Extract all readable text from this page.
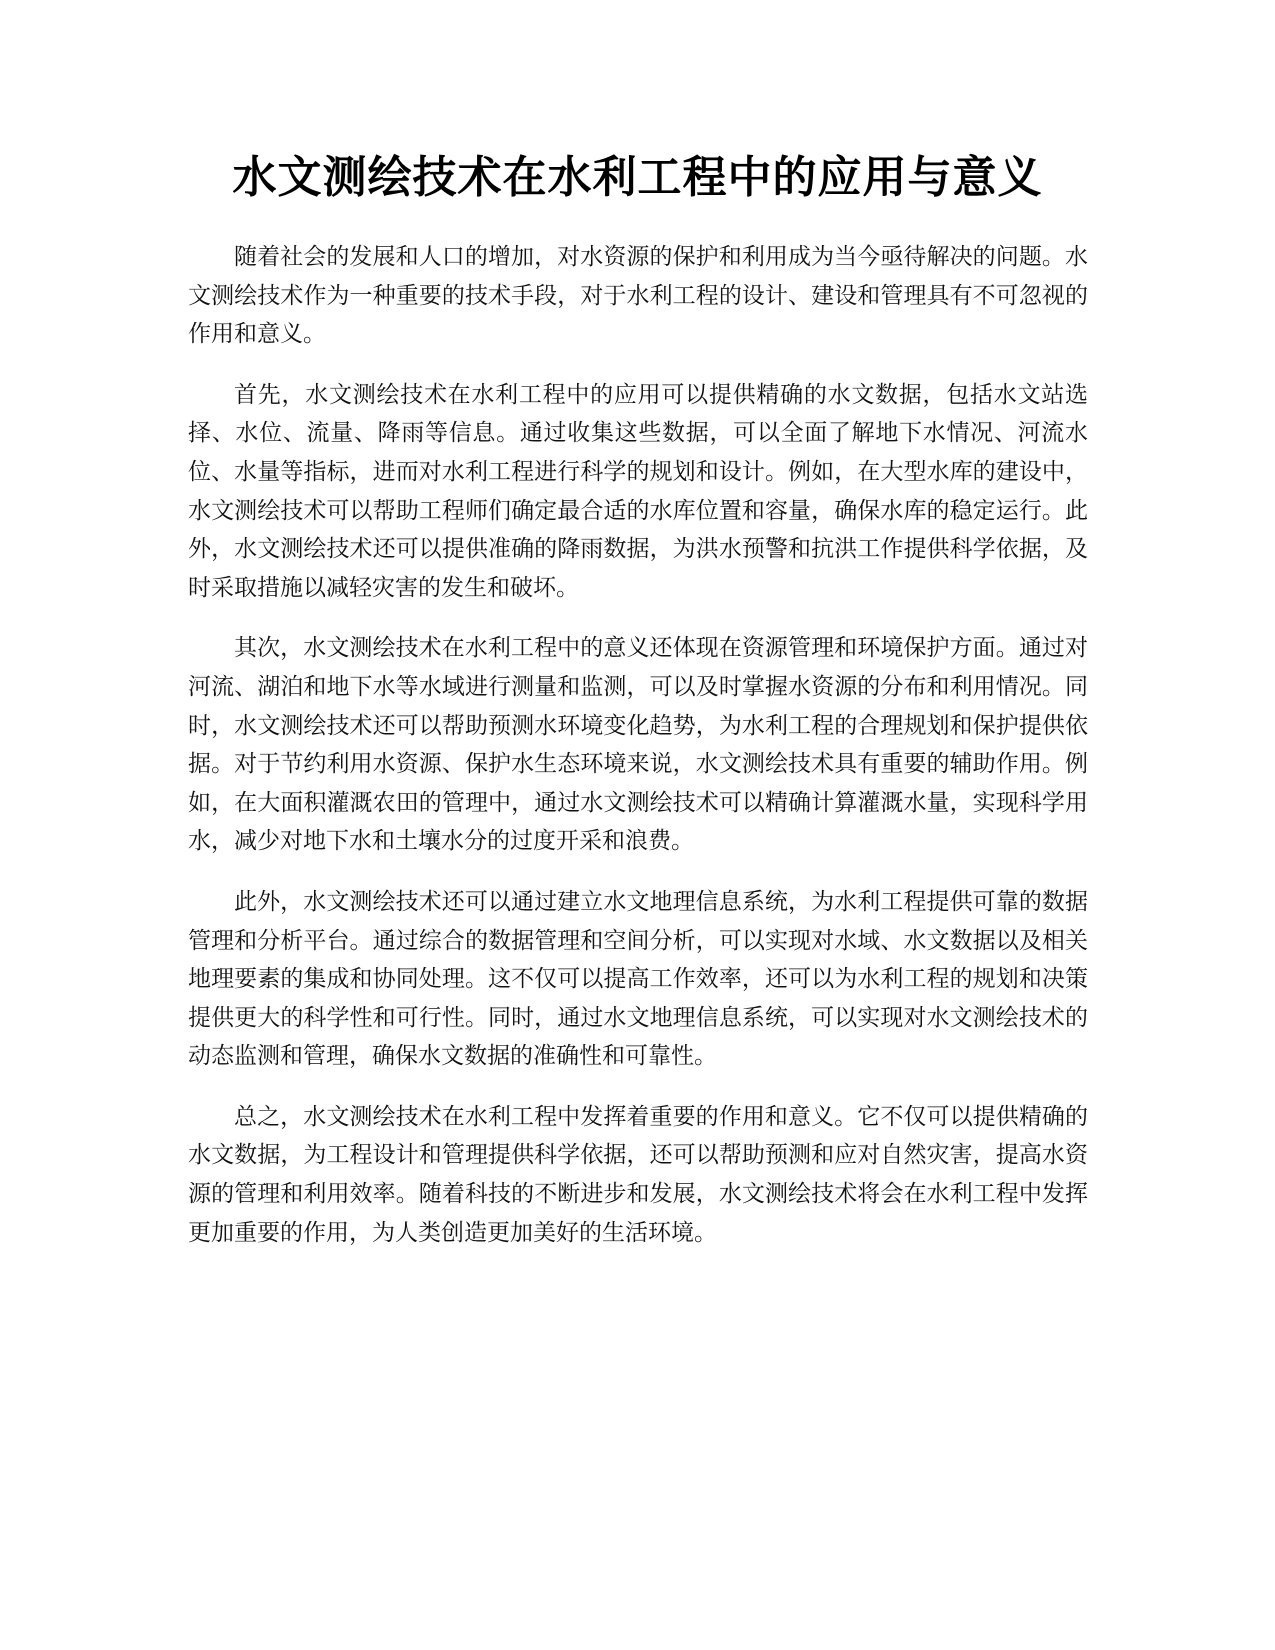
水文测绘技术在水利工程中的应用与意义

随着社会的发展和人口的增加，对水资源的保护和利用成为当今亟待解决的问题。水文测绘技术作为一种重要的技术手段，对于水利工程的设计、建设和管理具有不可忽视的作用和意义。

首先，水文测绘技术在水利工程中的应用可以提供精确的水文数据，包括水文站选择、水位、流量、降雨等信息。通过收集这些数据，可以全面了解地下水情况、河流水位、水量等指标，进而对水利工程进行科学的规划和设计。例如，在大型水库的建设中，水文测绘技术可以帮助工程师们确定最合适的水库位置和容量，确保水库的稳定运行。此外，水文测绘技术还可以提供准确的降雨数据，为洪水预警和抗洪工作提供科学依据，及时采取措施以减轻灾害的发生和破坏。

其次，水文测绘技术在水利工程中的意义还体现在资源管理和环境保护方面。通过对河流、湖泊和地下水等水域进行测量和监测，可以及时掌握水资源的分布和利用情况。同时，水文测绘技术还可以帮助预测水环境变化趋势，为水利工程的合理规划和保护提供依据。对于节约利用水资源、保护水生态环境来说，水文测绘技术具有重要的辅助作用。例如，在大面积灌溉农田的管理中，通过水文测绘技术可以精确计算灌溉水量，实现科学用水，减少对地下水和土壤水分的过度开采和浪费。

此外，水文测绘技术还可以通过建立水文地理信息系统，为水利工程提供可靠的数据管理和分析平台。通过综合的数据管理和空间分析，可以实现对水域、水文数据以及相关地理要素的集成和协同处理。这不仅可以提高工作效率，还可以为水利工程的规划和决策提供更大的科学性和可行性。同时，通过水文地理信息系统，可以实现对水文测绘技术的动态监测和管理，确保水文数据的准确性和可靠性。

总之，水文测绘技术在水利工程中发挥着重要的作用和意义。它不仅可以提供精确的水文数据，为工程设计和管理提供科学依据，还可以帮助预测和应对自然灾害，提高水资源的管理和利用效率。随着科技的不断进步和发展，水文测绘技术将会在水利工程中发挥更加重要的作用，为人类创造更加美好的生活环境。
